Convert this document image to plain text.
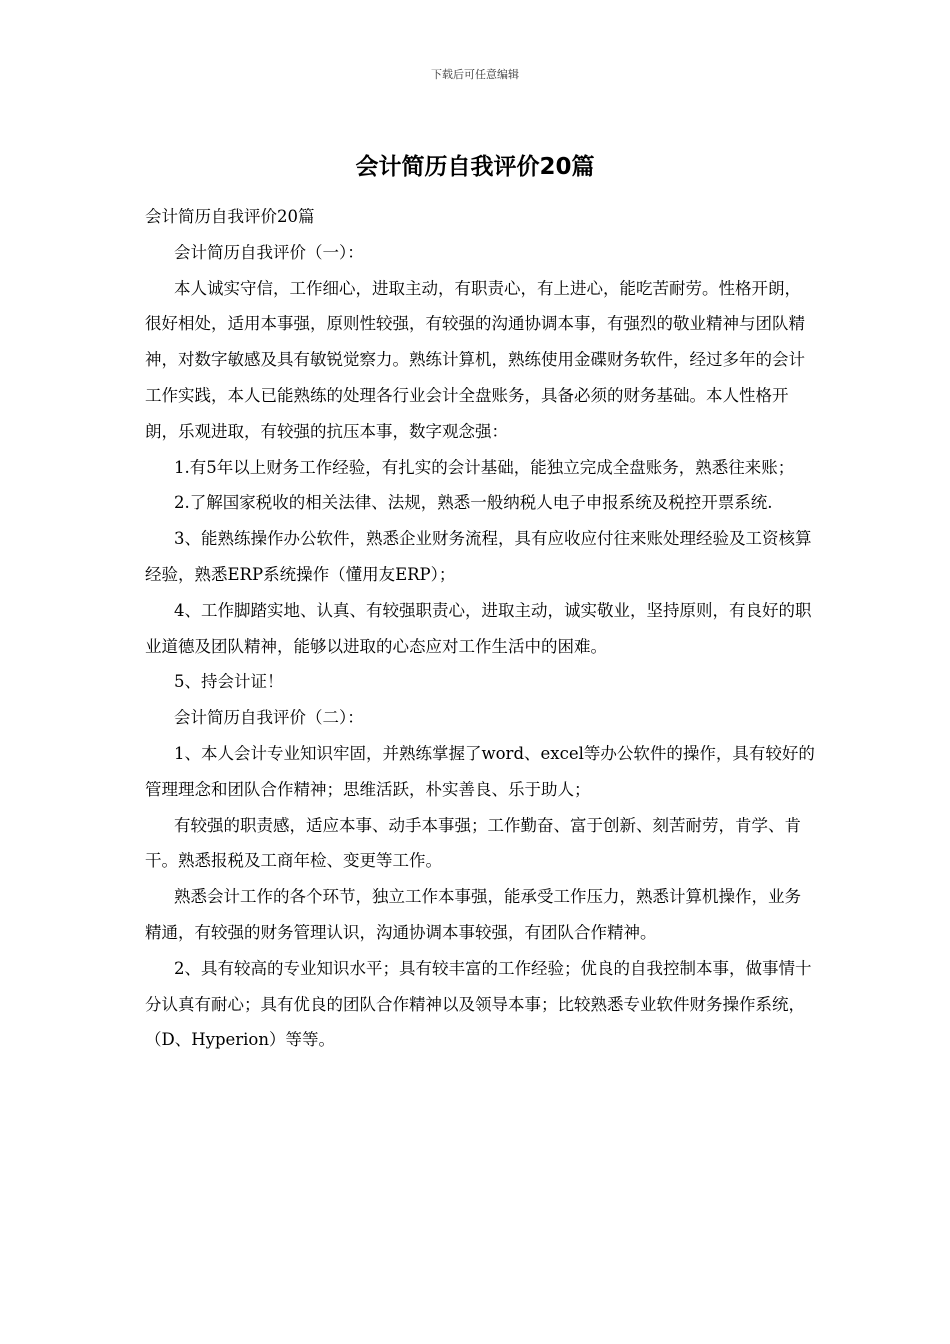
下载后可任意编辑
会计简历自我评价20篇

会计简历自我评价20篇

会计简历自我评价（一）：

本人诚实守信，工作细心，进取主动，有职责心，有上进心，能吃苦耐劳。性格开朗，很好相处，适用本事强，原则性较强，有较强的沟通协调本事，有强烈的敬业精神与团队精神，对数字敏感及具有敏锐觉察力。熟练计算机，熟练使用金碟财务软件，经过多年的会计工作实践，本人已能熟练的处理各行业会计全盘账务，具备必须的财务基础。本人性格开朗，乐观进取，有较强的抗压本事，数字观念强：

1.有5年以上财务工作经验，有扎实的会计基础，能独立完成全盘账务，熟悉往来账；

2.了解国家税收的相关法律、法规，熟悉一般纳税人电子申报系统及税控开票系统.

3、能熟练操作办公软件，熟悉企业财务流程，具有应收应付往来账处理经验及工资核算经验，熟悉ERP系统操作（懂用友ERP）；

4、工作脚踏实地、认真、有较强职责心，进取主动，诚实敬业，坚持原则，有良好的职业道德及团队精神，能够以进取的心态应对工作生活中的困难。

5、持会计证！

会计简历自我评价（二）：

1、本人会计专业知识牢固，并熟练掌握了word、excel等办公软件的操作，具有较好的管理理念和团队合作精神；思维活跃，朴实善良、乐于助人；

有较强的职责感，适应本事、动手本事强；工作勤奋、富于创新、刻苦耐劳，肯学、肯干。熟悉报税及工商年检、变更等工作。

熟悉会计工作的各个环节，独立工作本事强，能承受工作压力，熟悉计算机操作，业务精通，有较强的财务管理认识，沟通协调本事较强，有团队合作精神。

2、具有较高的专业知识水平；具有较丰富的工作经验；优良的自我控制本事，做事情十分认真有耐心；具有优良的团队合作精神以及领导本事；比较熟悉专业软件财务操作系统，（D、Hyperion）等等。
